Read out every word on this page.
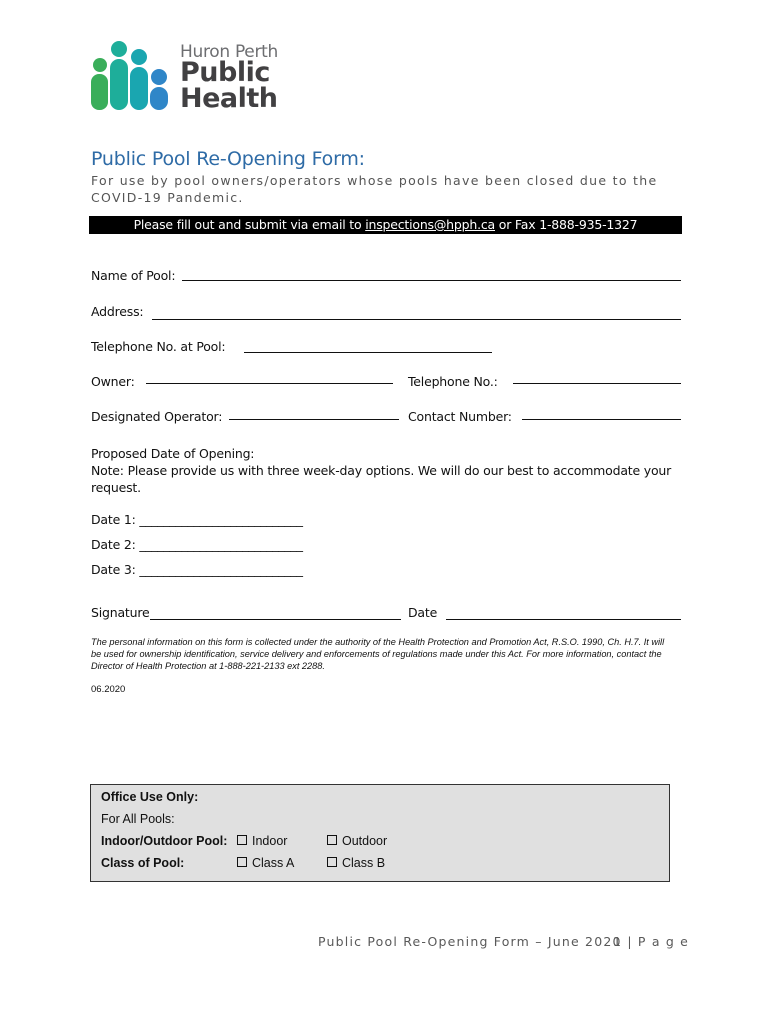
Huron Perth
Public
Health
Public Pool Re-Opening Form:
For use by pool owners/operators whose pools have been closed due to the COVID-19 Pandemic.
Please fill out and submit via email to inspections@hpph.ca or Fax 1-888-935-1327
Name of Pool:
Address:
Telephone No. at Pool:
Owner:	Telephone No.:
Designated Operator:	Contact Number:
Proposed Date of Opening:
Note: Please provide us with three week-day options. We will do our best to accommodate your request.
Date 1: ___________________________
Date 2: ___________________________
Date 3: ___________________________
Signature	Date
The personal information on this form is collected under the authority of the Health Protection and Promotion Act, R.S.O. 1990, Ch. H.7. It will be used for ownership identification, service delivery and enforcements of regulations made under this Act. For more information, contact the Director of Health Protection at 1-888-221-2133 ext 2288.
06.2020
Office Use Only:
For All Pools:
Indoor/Outdoor Pool:	Indoor	Outdoor
Class of Pool:	Class A	Class B
Public Pool Re-Opening Form – June 2020
1 | P a g e
